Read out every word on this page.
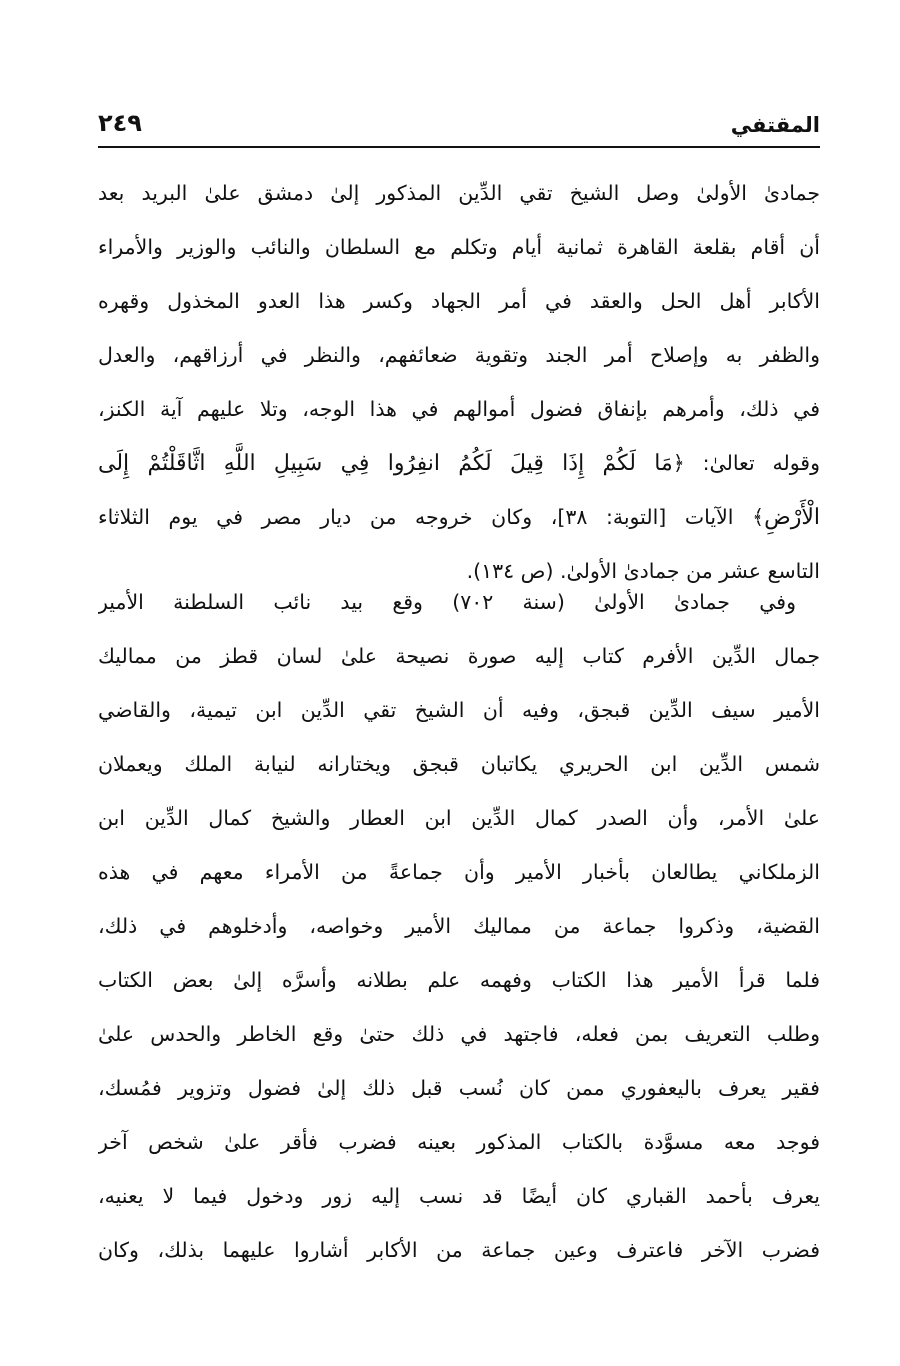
المقتفي
٢٤٩
جمادىٰ الأولىٰ وصل الشيخ تقي الدِّين المذكور إلىٰ دمشق علىٰ البريد بعد
أن أقام بقلعة القاهرة ثمانية أيام وتكلم مع السلطان والنائب والوزير والأمراء
الأكابر أهل الحل والعقد في أمر الجهاد وكسر هذا العدو المخذول وقهره
والظفر به وإصلاح أمر الجند وتقوية ضعائفهم، والنظر في أرزاقهم، والعدل
في ذلك، وأمرهم بإنفاق فضول أموالهم في هذا الوجه، وتلا عليهم آية الكنز،
وقوله تعالىٰ: ﴿مَا لَكُمْ إِذَا قِيلَ لَكُمُ انفِرُوا فِي سَبِيلِ اللَّهِ اثَّاقَلْتُمْ إِلَى
الْأَرْضِ﴾ الآيات [التوبة: ٣٨]، وكان خروجه من ديار مصر في يوم الثلاثاء
التاسع عشر من جمادىٰ الأولىٰ. (ص ١٣٤).
وفي جمادىٰ الأولىٰ (سنة ٧٠٢) وقع بيد نائب السلطنة الأمير
جمال الدِّين الأفرم كتاب إليه صورة نصيحة علىٰ لسان قطز من مماليك
الأمير سيف الدِّين قبجق، وفيه أن الشيخ تقي الدِّين ابن تيمية، والقاضي
شمس الدِّين ابن الحريري يكاتبان قبجق ويختارانه لنيابة الملك ويعملان
علىٰ الأمر، وأن الصدر كمال الدِّين ابن العطار والشيخ كمال الدِّين ابن
الزملكاني يطالعان بأخبار الأمير وأن جماعةً من الأمراء معهم في هذه
القضية، وذكروا جماعة من مماليك الأمير وخواصه، وأدخلوهم في ذلك،
فلما قرأ الأمير هذا الكتاب وفهمه علم بطلانه وأسرَّه إلىٰ بعض الكتاب
وطلب التعريف بمن فعله، فاجتهد في ذلك حتىٰ وقع الخاطر والحدس علىٰ
فقير يعرف باليعفوري ممن كان نُسب قبل ذلك إلىٰ فضول وتزوير فمُسك،
فوجد معه مسوَّدة بالكتاب المذكور بعينه فضرب فأقر علىٰ شخص آخر
يعرف بأحمد القباري كان أيضًا قد نسب إليه زور ودخول فيما لا يعنيه،
فضرب الآخر فاعترف وعين جماعة من الأكابر أشاروا عليهما بذلك، وكان
